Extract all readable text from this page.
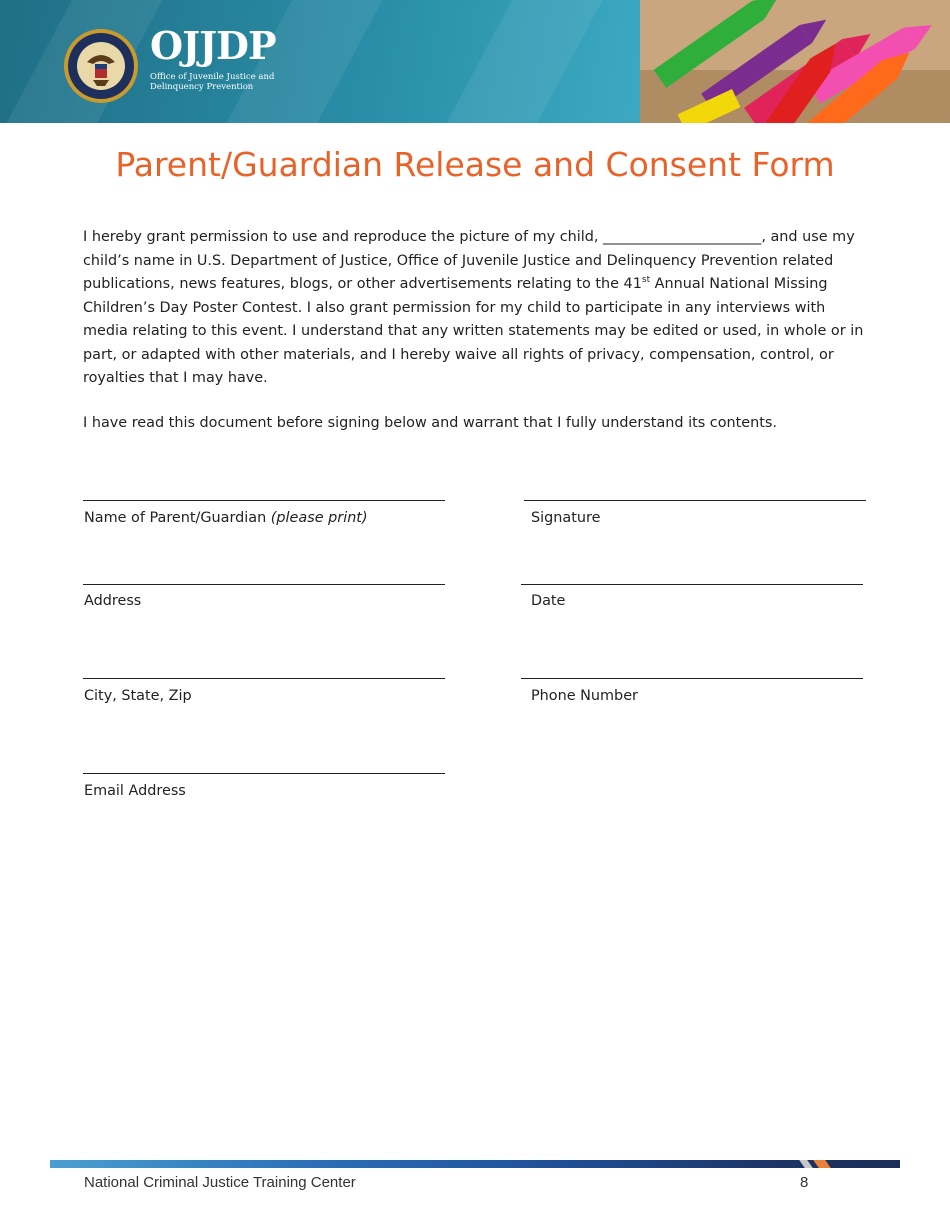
OJJDP
Office of Juvenile Justice and
Delinquency Prevention
Parent/Guardian Release and Consent Form
I hereby grant permission to use and reproduce the picture of my child, ______________________, and use my child’s name in U.S. Department of Justice, Office of Juvenile Justice and Delinquency Prevention related publications, news features, blogs, or other advertisements relating to the 41st Annual National Missing Children’s Day Poster Contest. I also grant permission for my child to participate in any interviews with media relating to this event. I understand that any written statements may be edited or used, in whole or in part, or adapted with other materials, and I hereby waive all rights of privacy, compensation, control, or royalties that I may have.
I have read this document before signing below and warrant that I fully understand its contents.
Name of Parent/Guardian (please print)	Signature
Address	Date
City, State, Zip	Phone Number
Email Address
National Criminal Justice Training Center	8
